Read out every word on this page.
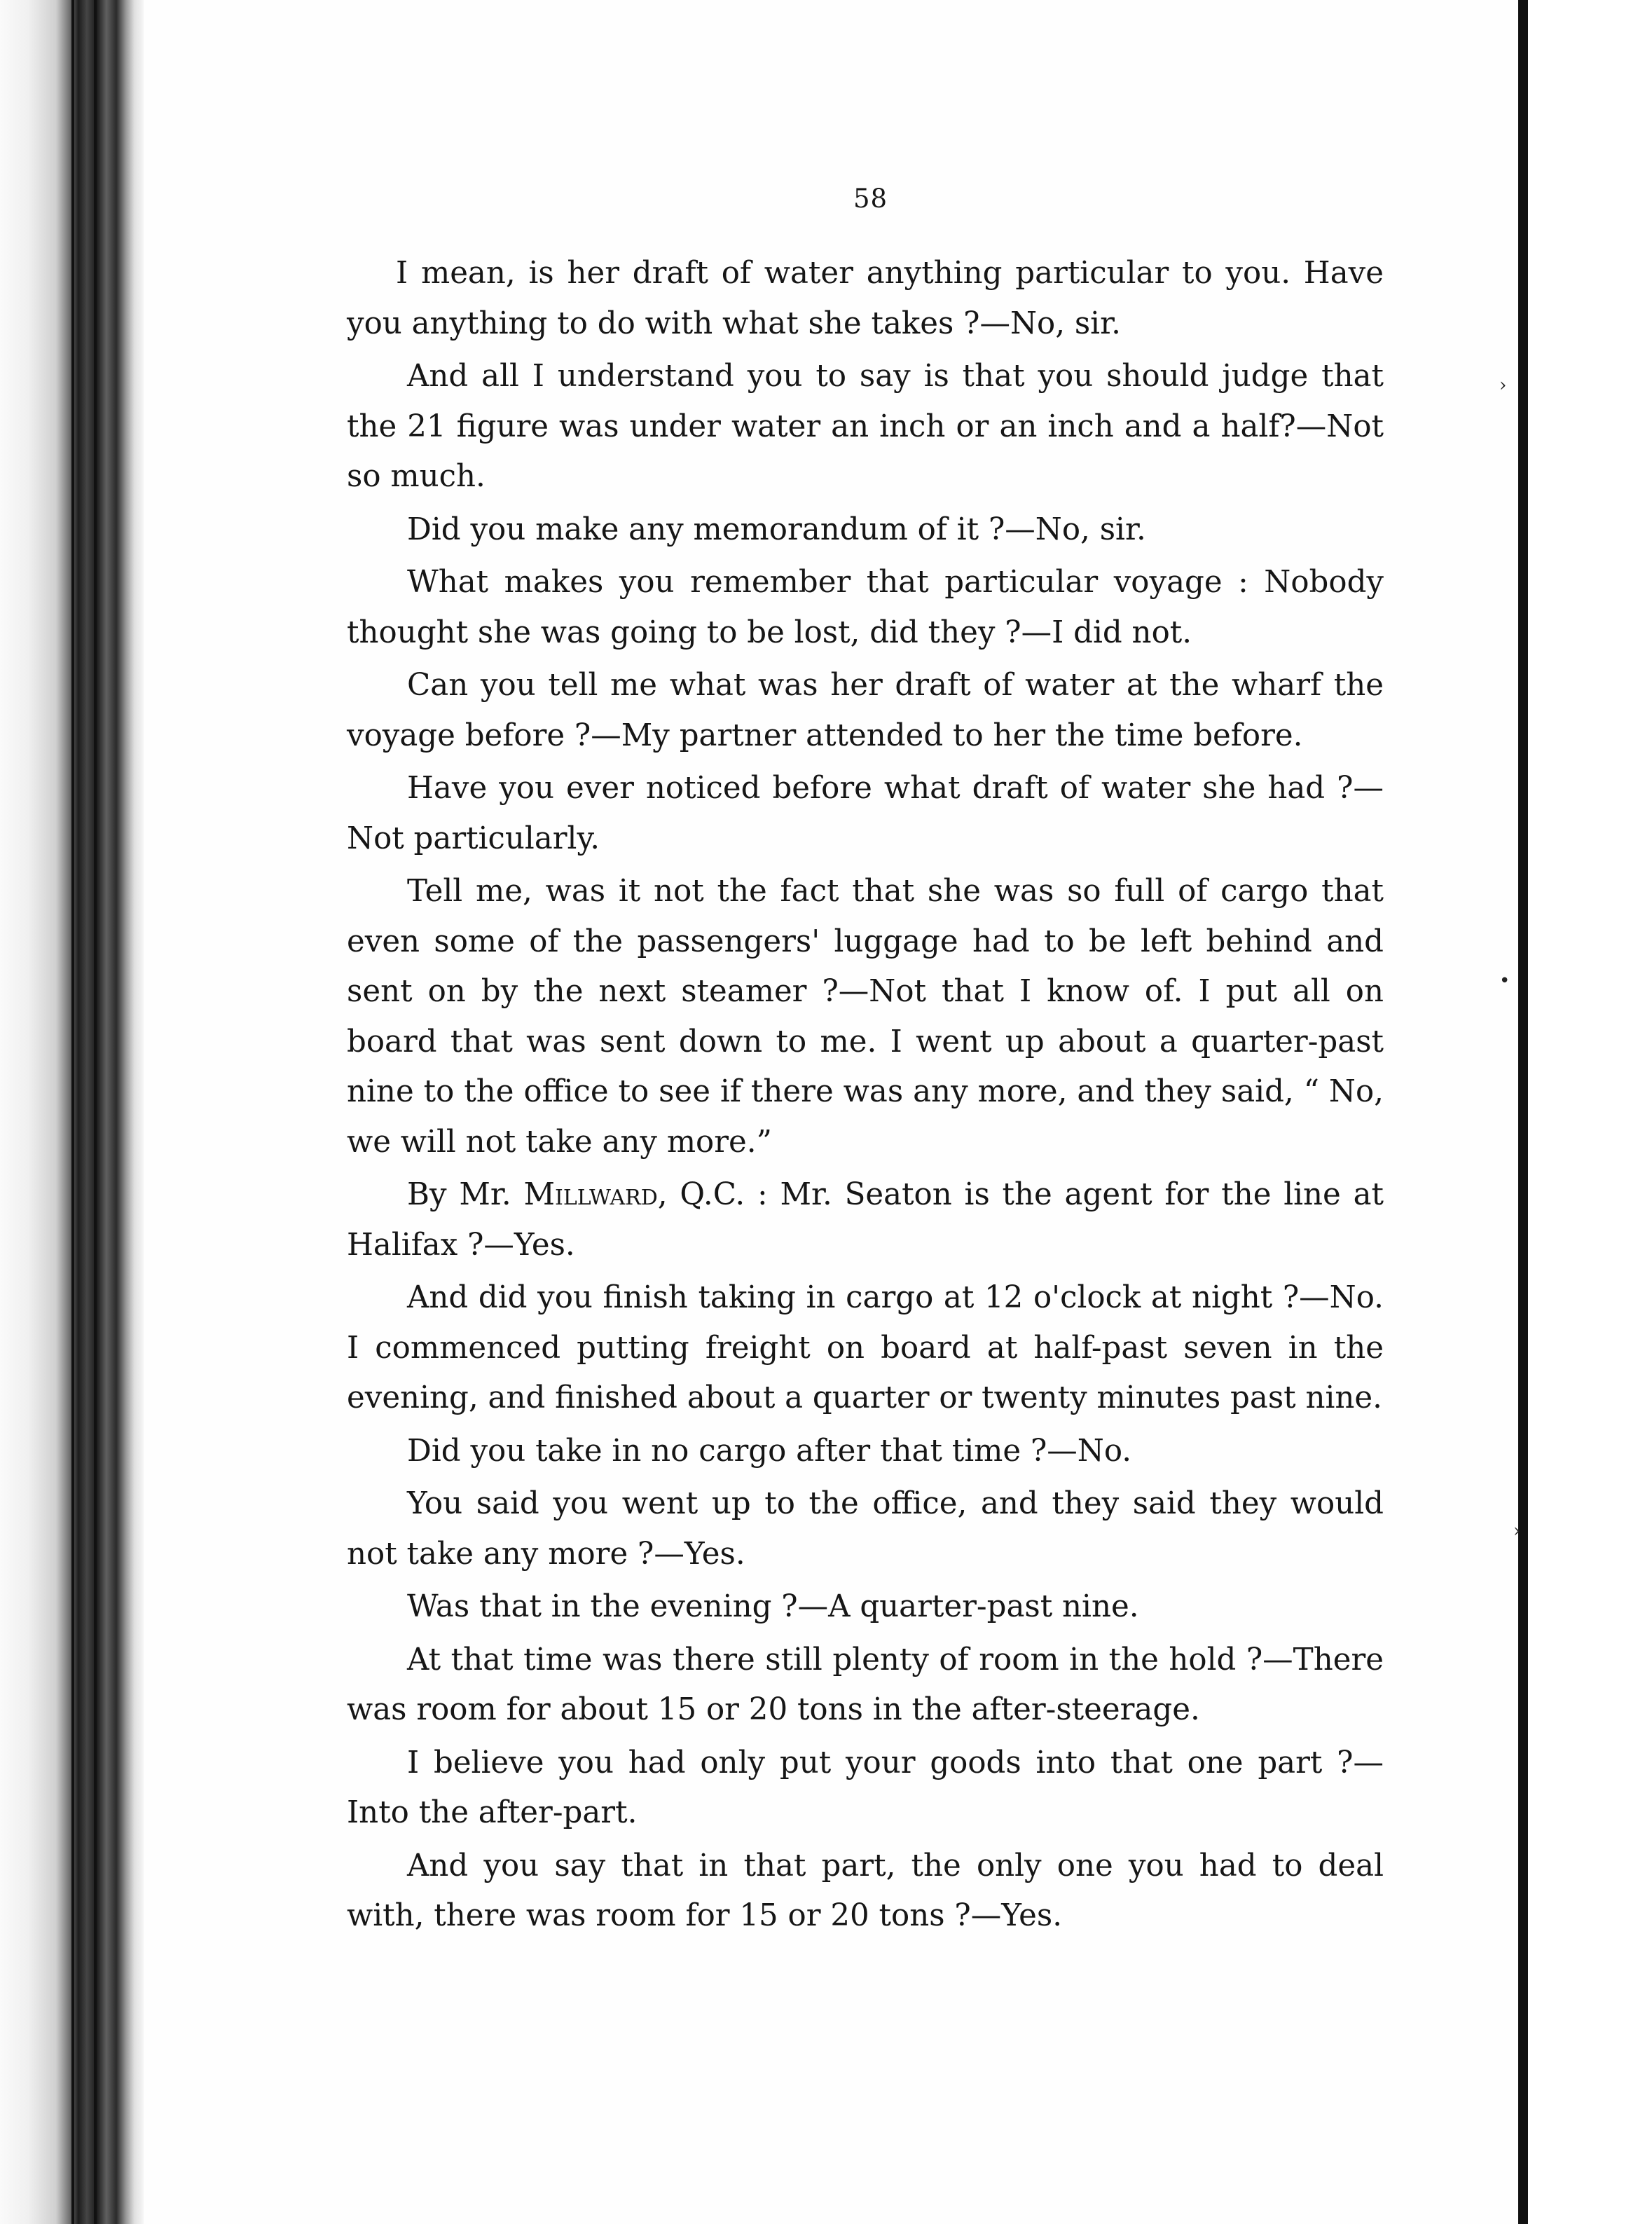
›
•
›
58

I mean, is her draft of water anything particular to you. Have you anything to do with what she takes ?—No, sir.

And all I understand you to say is that you should judge that the 21 figure was under water an inch or an inch and a half?—Not so much.

Did you make any memorandum of it ?—No, sir.

What makes you remember that particular voyage : Nobody thought she was going to be lost, did they ?—I did not.

Can you tell me what was her draft of water at the wharf the voyage before ?—My partner attended to her the time before.

Have you ever noticed before what draft of water she had ?—Not particularly.

Tell me, was it not the fact that she was so full of cargo that even some of the passengers' luggage had to be left behind and sent on by the next steamer ?—Not that I know of. I put all on board that was sent down to me. I went up about a quarter-past nine to the office to see if there was any more, and they said, “ No, we will not take any more.”

By Mr. Millward, Q.C. : Mr. Seaton is the agent for the line at Halifax ?—Yes.

And did you finish taking in cargo at 12 o'clock at night ?—No. I commenced putting freight on board at half-past seven in the evening, and finished about a quarter or twenty minutes past nine.

Did you take in no cargo after that time ?—No.

You said you went up to the office, and they said they would not take any more ?—Yes.

Was that in the evening ?—A quarter-past nine.

At that time was there still plenty of room in the hold ?—There was room for about 15 or 20 tons in the after-steerage.

I believe you had only put your goods into that one part ?—Into the after-part.

And you say that in that part, the only one you had to deal with, there was room for 15 or 20 tons ?—Yes.
